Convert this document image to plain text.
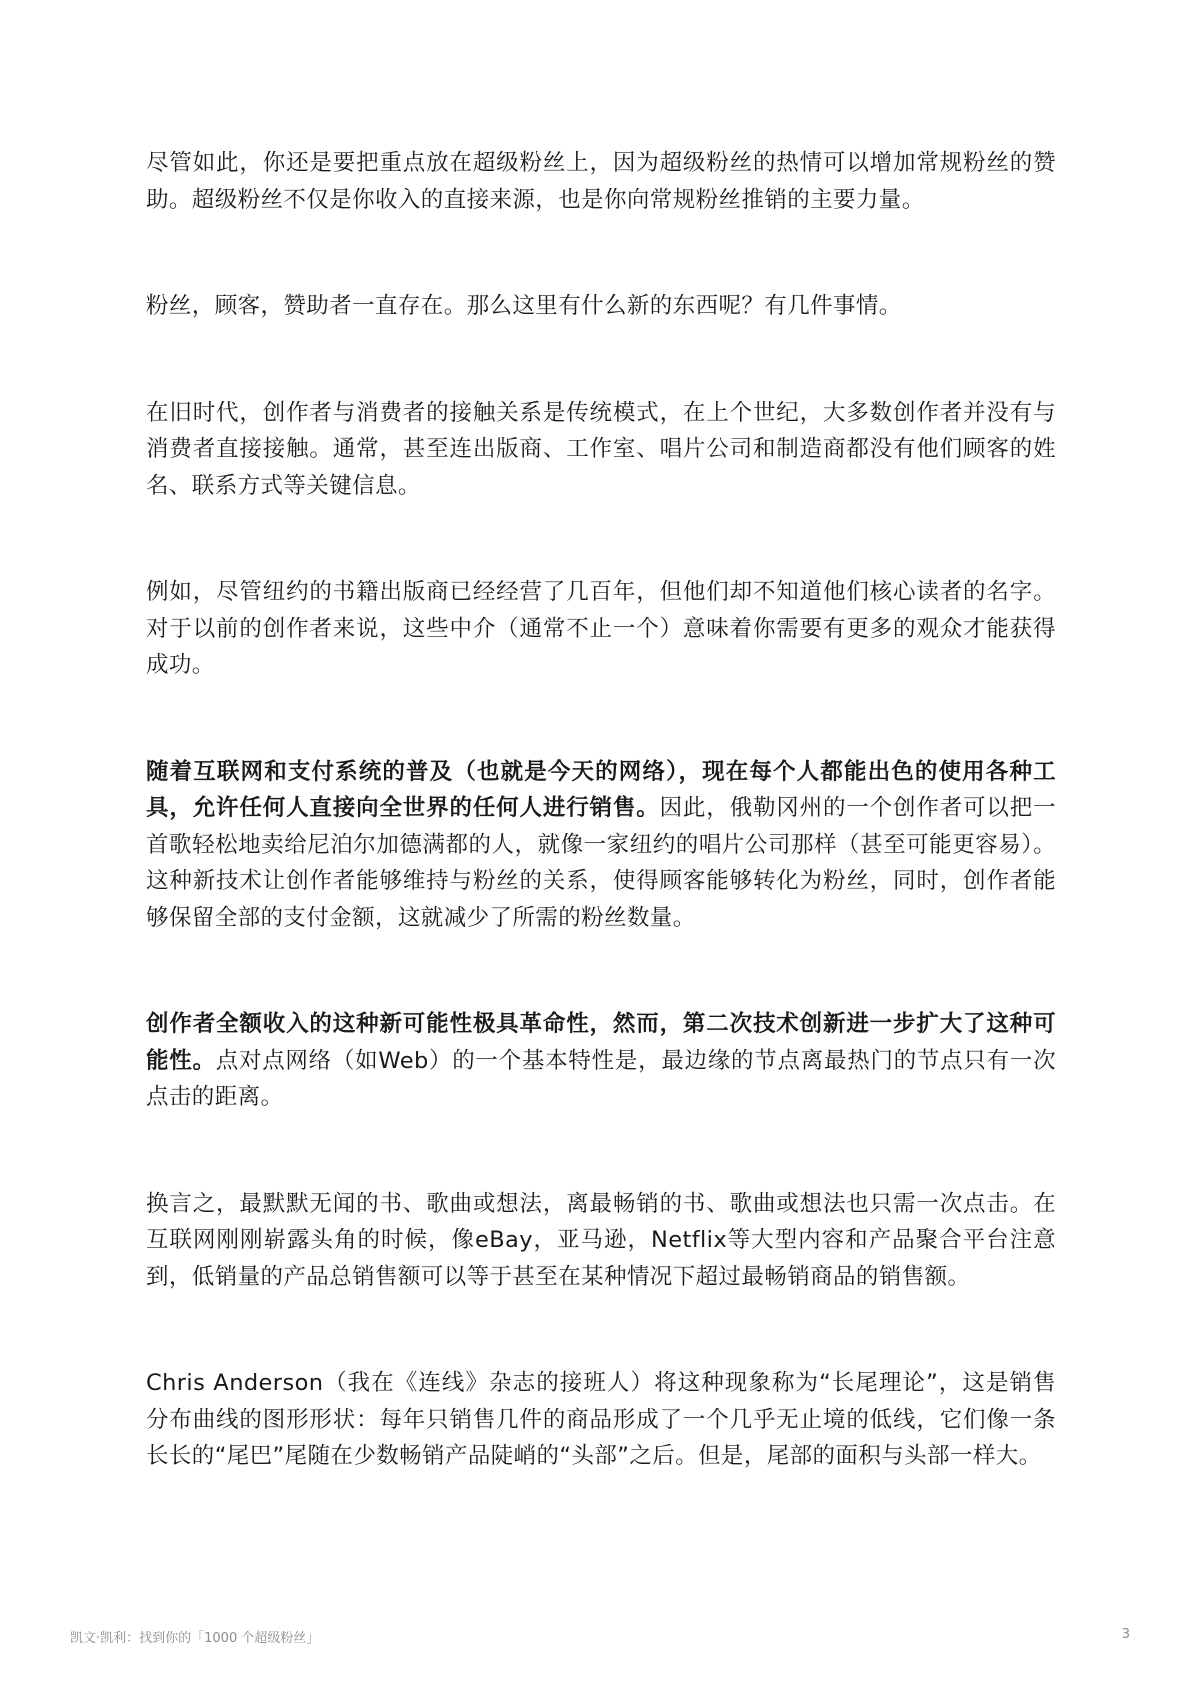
尽管如此，你还是要把重点放在超级粉丝上，因为超级粉丝的热情可以增加常规粉丝的赞助。超级粉丝不仅是你收入的直接来源，也是你向常规粉丝推销的主要力量。

粉丝，顾客，赞助者一直存在。那么这里有什么新的东西呢？有几件事情。

在旧时代，创作者与消费者的接触关系是传统模式，在上个世纪，大多数创作者并没有与消费者直接接触。通常，甚至连出版商、工作室、唱片公司和制造商都没有他们顾客的姓名、联系方式等关键信息。

例如，尽管纽约的书籍出版商已经经营了几百年，但他们却不知道他们核心读者的名字。对于以前的创作者来说，这些中介（通常不止一个）意味着你需要有更多的观众才能获得成功。

随着互联网和支付系统的普及（也就是今天的网络），现在每个人都能出色的使用各种工具，允许任何人直接向全世界的任何人进行销售。因此，俄勒冈州的一个创作者可以把一首歌轻松地卖给尼泊尔加德满都的人，就像一家纽约的唱片公司那样（甚至可能更容易）。这种新技术让创作者能够维持与粉丝的关系，使得顾客能够转化为粉丝，同时，创作者能够保留全部的支付金额，这就减少了所需的粉丝数量。

创作者全额收入的这种新可能性极具革命性，然而，第二次技术创新进一步扩大了这种可能性。点对点网络（如Web）的一个基本特性是，最边缘的节点离最热门的节点只有一次点击的距离。

换言之，最默默无闻的书、歌曲或想法，离最畅销的书、歌曲或想法也只需一次点击。在互联网刚刚崭露头角的时候，像eBay，亚马逊，Netflix等大型内容和产品聚合平台注意到，低销量的产品总销售额可以等于甚至在某种情况下超过最畅销商品的销售额。

Chris Anderson（我在《连线》杂志的接班人）将这种现象称为“长尾理论”，这是销售分布曲线的图形形状：每年只销售几件的商品形成了一个几乎无止境的低线，它们像一条长长的“尾巴”尾随在少数畅销产品陡峭的“头部”之后。但是，尾部的面积与头部一样大。

凯文·凯利：找到你的「1000 个超级粉丝」	3
